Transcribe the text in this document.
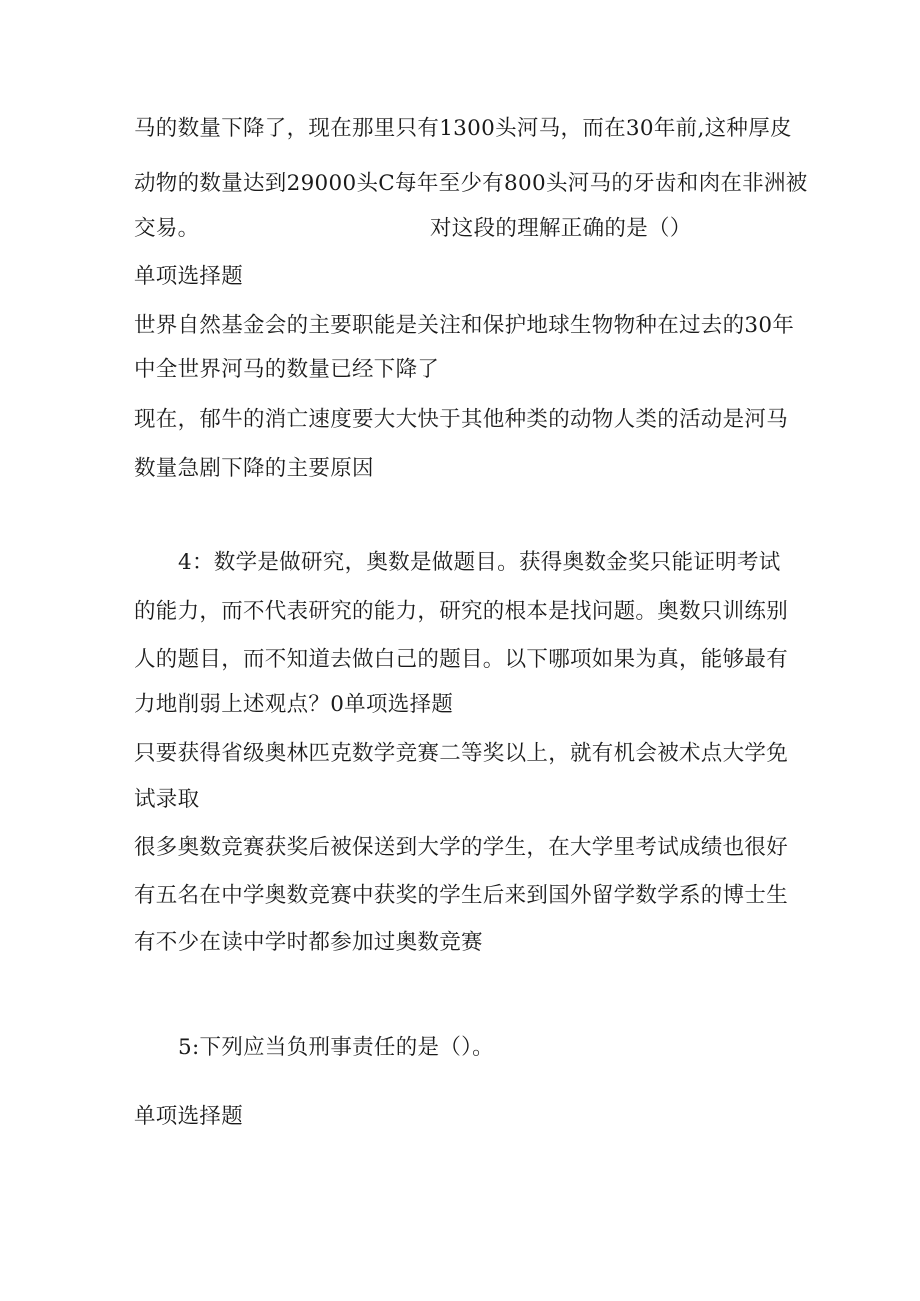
马的数量下降了，现在那里只有1300头河马，而在30年前,这种厚皮
动物的数量达到29000头C每年至少有800头河马的牙齿和肉在非洲被
交易。	对这段的理解正确的是（）
单项选择题
世界自然基金会的主要职能是关注和保护地球生物物种在过去的30年
中全世界河马的数量已经下降了
现在，郁牛的消亡速度要大大快于其他种类的动物人类的活动是河马
数量急剧下降的主要原因
4：数学是做研究，奥数是做题目。获得奥数金奖只能证明考试
的能力，而不代表研究的能力，研究的根本是找问题。奥数只训练别
人的题目，而不知道去做白己的题目。以下哪项如果为真，能够最有
力地削弱上述观点？0单项选择题
只要获得省级奥林匹克数学竞赛二等奖以上，就有机会被术点大学免
试录取
很多奥数竞赛获奖后被保送到大学的学生，在大学里考试成绩也很好
有五名在中学奥数竞赛中获奖的学生后来到国外留学数学系的博士生
有不少在读中学时都参加过奥数竞赛
5:下列应当负刑事责任的是（）。
单项选择题
